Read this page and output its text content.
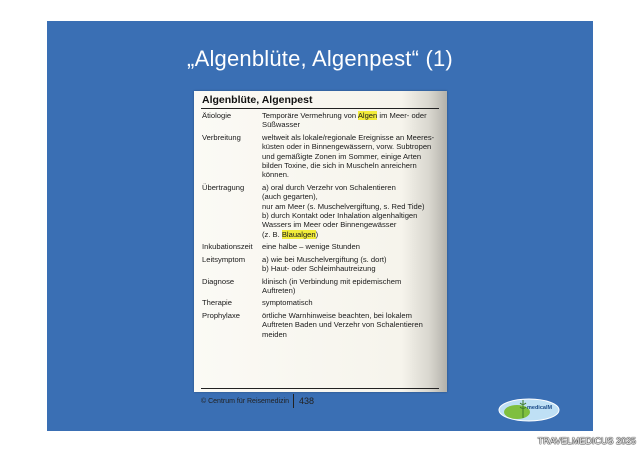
„Algenblüte, Algenpest“ (1)
Algenblüte, Algenpest
Ätiologie	Temporäre Vermehrung von Algen im Meer- oder
Süßwasser
Verbreitung	weltweit als lokale/regionale Ereignisse an Meeres-
küsten oder in Binnengewässern, vorw. Subtropen
und gemäßigte Zonen im Sommer, einige Arten
bilden Toxine, die sich in Muscheln anreichern
können.
Übertragung	a) oral durch Verzehr von Schalentieren
(auch gegarten),
nur am Meer (s. Muschelvergiftung, s. Red Tide)
b) durch Kontakt oder Inhalation algenhaltigen
Wassers im Meer oder Binnengewässer
(z. B. Blaualgen)
Inkubationszeit	eine halbe – wenige Stunden
Leitsymptom	a) wie bei Muschelvergiftung (s. dort)
b) Haut- oder Schleimhautreizung
Diagnose	klinisch (in Verbindung mit epidemischem
Auftreten)
Therapie	symptomatisch
Prophylaxe	örtliche Warnhinweise beachten, bei lokalem
Auftreten Baden und Verzehr von Schalentieren
meiden
© Centrum für Reisemedizin 438
medicalM
TRAVELMEDICUS 2025
